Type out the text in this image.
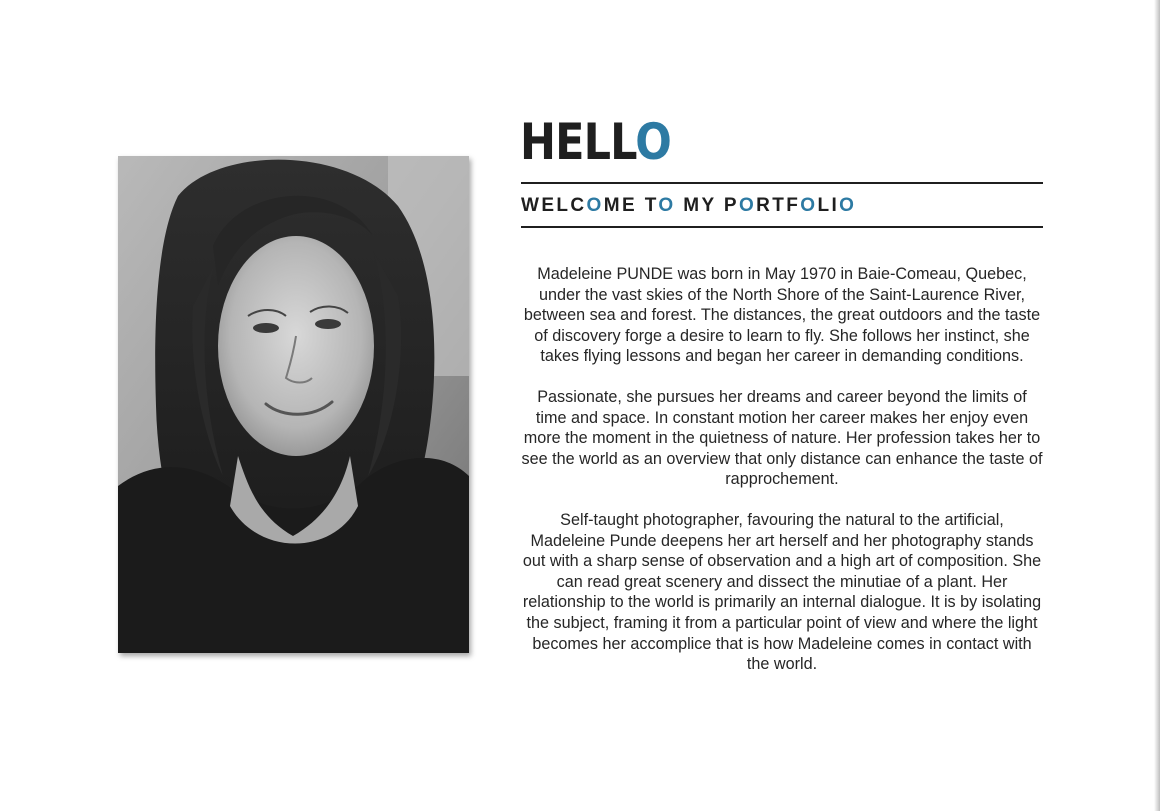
HELLO
WELCOME TO MY PORTFOLIO

Madeleine PUNDE was born in May 1970 in Baie-Comeau, Quebec, under the vast skies of the North Shore of the Saint-Laurence River, between sea and forest. The distances, the great outdoors and the taste of discovery forge a desire to learn to fly. She follows her instinct, she takes flying lessons and began her career in demanding conditions.

Passionate, she pursues her dreams and career beyond the limits of time and space. In constant motion her career makes her enjoy even more the moment in the quietness of nature. Her profession takes her to see the world as an overview that only distance can enhance the taste of rapprochement.

Self-taught photographer, favouring the natural to the artificial, Madeleine Punde deepens her art herself and her photography stands out with a sharp sense of observation and a high art of composition. She can read great scenery and dissect the minutiae of a plant. Her relationship to the world is primarily an internal dialogue. It is by isolating the subject, framing it from a particular point of view and where the light becomes her accomplice that is how Madeleine comes in contact with the world.
